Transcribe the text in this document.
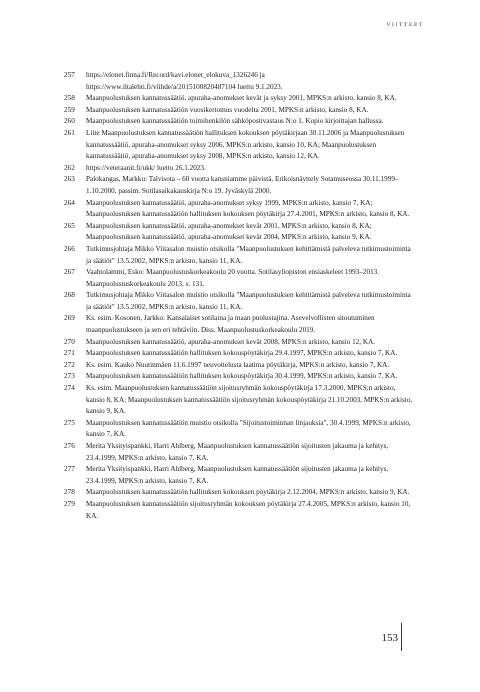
VIITTEET
257	https://elonet.finna.fi/Record/kavi.elonet_elokuva_1326246 ja https://www.iltalehti.fi/viihde/a/2015100820487104 luettu 9.1.2023.
258	Maanpuolustuksen kannatussäätiö, apuraha-anomukset kevät ja syksy 2001, MPKS:n arkisto, kansio 8, KA.
259	Maanpuolustuksen kannatussäätiön vuosikertomus vuodelta 2001, MPKS:n arkisto, kansio 8, KA.
260	Maanpuolustuksen kannatussäätiön toimihenkilön sähköpostivastaus N:o 1. Kopio kirjoittajan hallussa.
261	Liite Maanpuolustuksen kannatussäätiön hallituksen kokouksen pöytäkirjaan 30.11.2006 ja Maanpuolustuksen kannatussäätiö, apuraha-anomukset syksy 2006, MPKS:n arkisto, kansio 10, KA; Maanpuolustuksen kannatussäätiö, apuraha-anomukset syksy 2008, MPKS:n arkisto, kansio 12, KA.
262	https://veteraanit.fi/ukk/ luettu 26.1.2023.
263	Palokangas, Markku: Talvisota – 60 vuotta kansniamme päivistä, Erikoisnäyttely Sotamuseossa 30.11.1999–1.10.2000, passim. Sotilasaikakauskirja N:o 19. Jyväskylä 2000.
264	Maanpuolustuksen kannatussäätiö, apuraha-anomukset syksy 1999, MPKS:n arkisto, kansio 7, KA; Maanpuolustuksen kannatussäätiön hallituksen kokouksen pöytäkirja 27.4.2001, MPKS:n arkisto, kansio 8, KA.
265	Maanpuolustuksen kannatussäätiö, apuraha-anomukset kevät 2001, MPKS:n arkisto, kansio 8, KA; Maanpuolustuksen kannatussäätiö, apuraha-anomukset kevät 2004, MPKS:n arkisto, kansio 9, KA.
266	Tutkimusjohtaja Mikko Viitasalon muistio otsikolla "Maanpuolustuksen kehittämistä palveleva tutkimustoiminta ja säätiöt" 13.5.2002, MPKS:n arkisto, kansio 11, KA.
267	Vaahtolammi, Esko: Maanpuolustuskorkeakoulu 20 vuotta. Sotilasyliopiston ensiaskeleet 1993–2013. Maanpuolustuskorkeakoulu 2013, s. 131.
268	Tutkimusjohtaja Mikko Viitasalon muistio otsikolla "Maanpuolustuksen kehittämistä palveleva tutkimustoiminta ja säätiöt" 13.5.2002, MPKS:n arkisto, kansio 11, KA.
269	Ks. esim. Kosonen, Jarkko: Kansalaiset sotilaina ja maan puolustajina. Asevelvollisten sitoutuminen maanpuolustukseen ja sen eri tehtäviin. Diss. Maanpuolustuskorkeakoulu 2019.
270	Maanpuolustuksen kannatussäätiö, apuraha-anomukset kevät 2008, MPKS:n arkisto, kansio 12, KA.
271	Maanpuolustuksen kannatussäätiön hallituksen kokouspöytäkirja 29.4.1997, MPKS:n arkisto, kansio 7, KA.
272	Ks. esim. Kauko Nuutinmäen 11.6.1997 neuvottelusta laatima pöytäkirja, MPKS:n arkisto, kansio 7, KA.
273	Maanpuolustuksen kannatussäätiön hallituksen kokouspöytäkirja 30.4.1999, MPKS:n arkisto, kansio 7, KA.
274	Ks. esim. Maanpuolustuksen kannatussäätiön sijoitusryhmän kokouspöytäkirja 17.3.2000, MPKS:n arkisto, kansio 8, KA; Maanpuolustuksen kannatussäätiön sijoitusryhmän kokouspöytäkirja 21.10.2003, MPKS:n arkisto, kansio 9, KA.
275	Maanpuolustuksen kannatussäätiön muistio otsikolla "Sijoitustoiminnan linjauksia", 30.4.1999, MPKS:n arkisto, kansio 7, KA.
276	Merita Yksityispankki, Harri Ahlberg, Maanpuolustuksen kannatussäätiön sijoitusten jakauma ja kehitys, 23.4.1999, MPKS:n arkisto, kansio 7, KA.
277	Merita Yksityispankki, Harri Ahlberg, Maanpuolustuksen kannatussäätiön sijoitusten jakauma ja kehitys, 23.4.1999, MPKS:n arkisto, kansio 7, KA.
278	Maanpuolustuksen kannatussäätiön hallituksen kokouksen pöytäkirja 2.12.2004, MPKS:n arkisto, kansio 9, KA.
279	Maanpuolustuksen kannatussäätiön sijoitusryhmän kokouksen pöytäkirja 27.4.2005, MPKS:n arkisto, kansio 10, KA.
153
